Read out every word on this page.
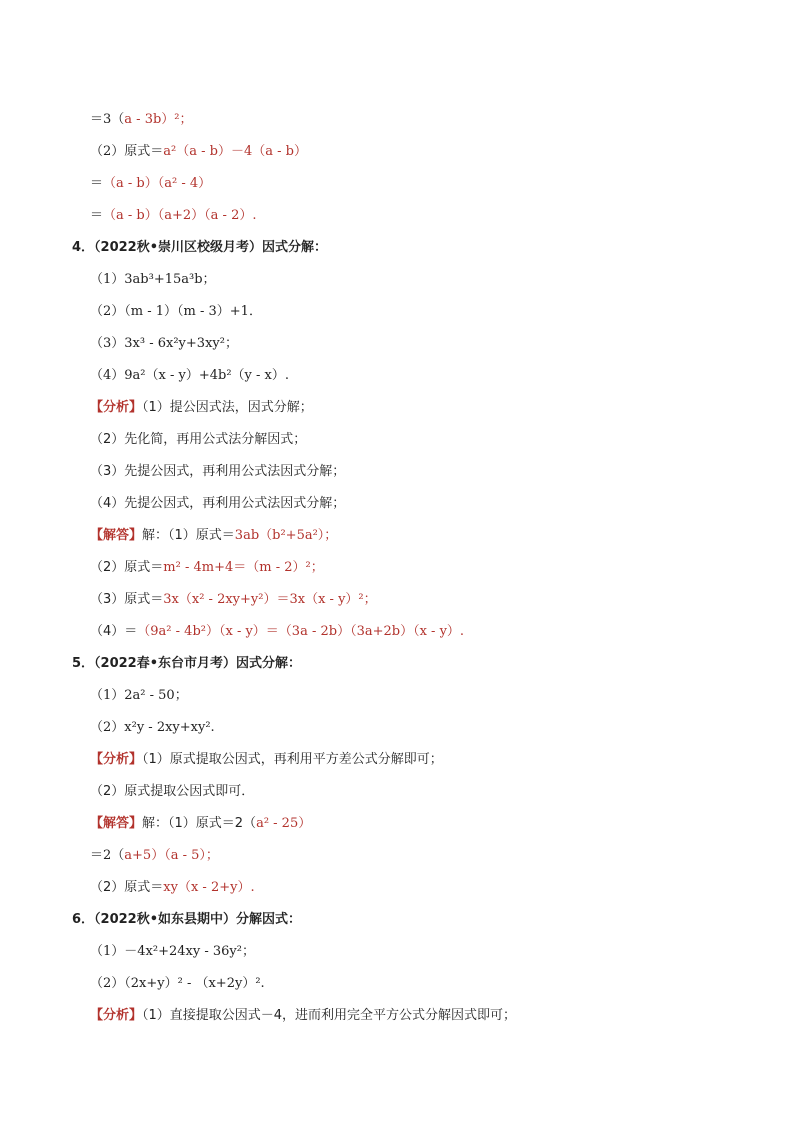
＝3（a - 3b）²；
（2）原式＝a²（a - b）－4（a - b）
＝（a - b）（a² - 4）
＝（a - b）（a+2）（a - 2）.
4．（2022秋•崇川区校级月考）因式分解：
（1）3ab³+15a³b；
（2）（m - 1）（m - 3）+1．
（3）3x³ - 6x²y+3xy²；
（4）9a²（x - y）+4b²（y - x）.
【分析】（1）提公因式法，因式分解；
（2）先化简，再用公式法分解因式；
（3）先提公因式，再利用公式法因式分解；
（4）先提公因式，再利用公式法因式分解；
【解答】解：（1）原式＝3ab（b²+5a²）；
（2）原式＝m² - 4m+4＝（m - 2）²；
（3）原式＝3x（x² - 2xy+y²）＝3x（x - y）²；
（4）＝（9a² - 4b²）（x - y）＝（3a - 2b）（3a+2b）（x - y）.
5．（2022春•东台市月考）因式分解：
（1）2a² - 50；
（2）x²y - 2xy+xy².
【分析】（1）原式提取公因式，再利用平方差公式分解即可；
（2）原式提取公因式即可．
【解答】解：（1）原式＝2（a² - 25）
＝2（a+5）（a - 5）；
（2）原式＝xy（x - 2+y）.
6．（2022秋•如东县期中）分解因式：
（1）－4x²+24xy - 36y²；
（2）（2x+y）² - （x+2y）².
【分析】（1）直接提取公因式－4，进而利用完全平方公式分解因式即可；
